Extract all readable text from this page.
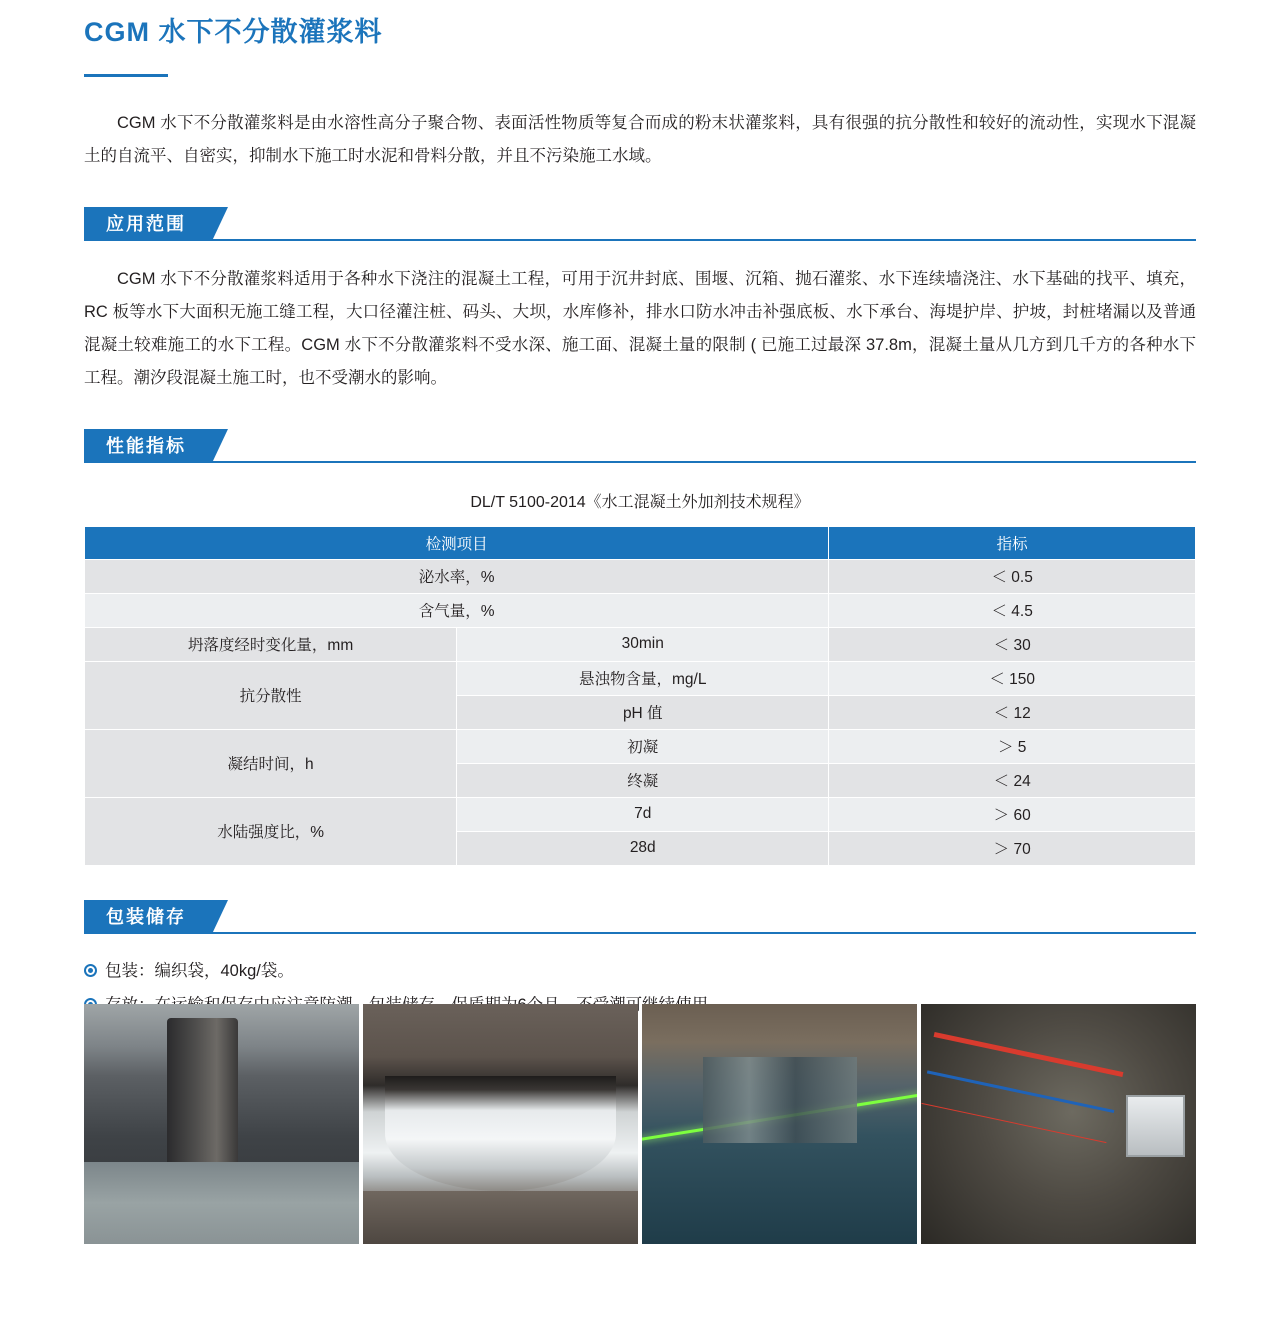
CGM 水下不分散灌浆料

CGM 水下不分散灌浆料是由水溶性高分子聚合物、表面活性物质等复合而成的粉末状灌浆料，具有很强的抗分散性和较好的流动性，实现水下混凝土的自流平、自密实，抑制水下施工时水泥和骨料分散，并且不污染施工水域。

应用范围

CGM 水下不分散灌浆料适用于各种水下浇注的混凝土工程，可用于沉井封底、围堰、沉箱、抛石灌浆、水下连续墙浇注、水下基础的找平、填充，RC 板等水下大面积无施工缝工程，大口径灌注桩、码头、大坝，水库修补，排水口防水冲击补强底板、水下承台、海堤护岸、护坡，封桩堵漏以及普通混凝土较难施工的水下工程。CGM 水下不分散灌浆料不受水深、施工面、混凝土量的限制 ( 已施工过最深 37.8m，混凝土量从几方到几千方的各种水下工程。潮汐段混凝土施工时，也不受潮水的影响。

性能指标
DL/T 5100-2014《水工混凝土外加剂技术规程》
检测项目		指标
泌水率，%		＜ 0.5
含气量，%		＜ 4.5
坍落度经时变化量，mm	30min	＜ 30
抗分散性	悬浊物含量，mg/L	＜ 150
	pH 值	＜ 12
凝结时间，h	初凝	＞ 5
	终凝	＜ 24
水陆强度比，%	7d	＞ 60
	28d	＞ 70
包装储存
包装：编织袋，40kg/袋。
